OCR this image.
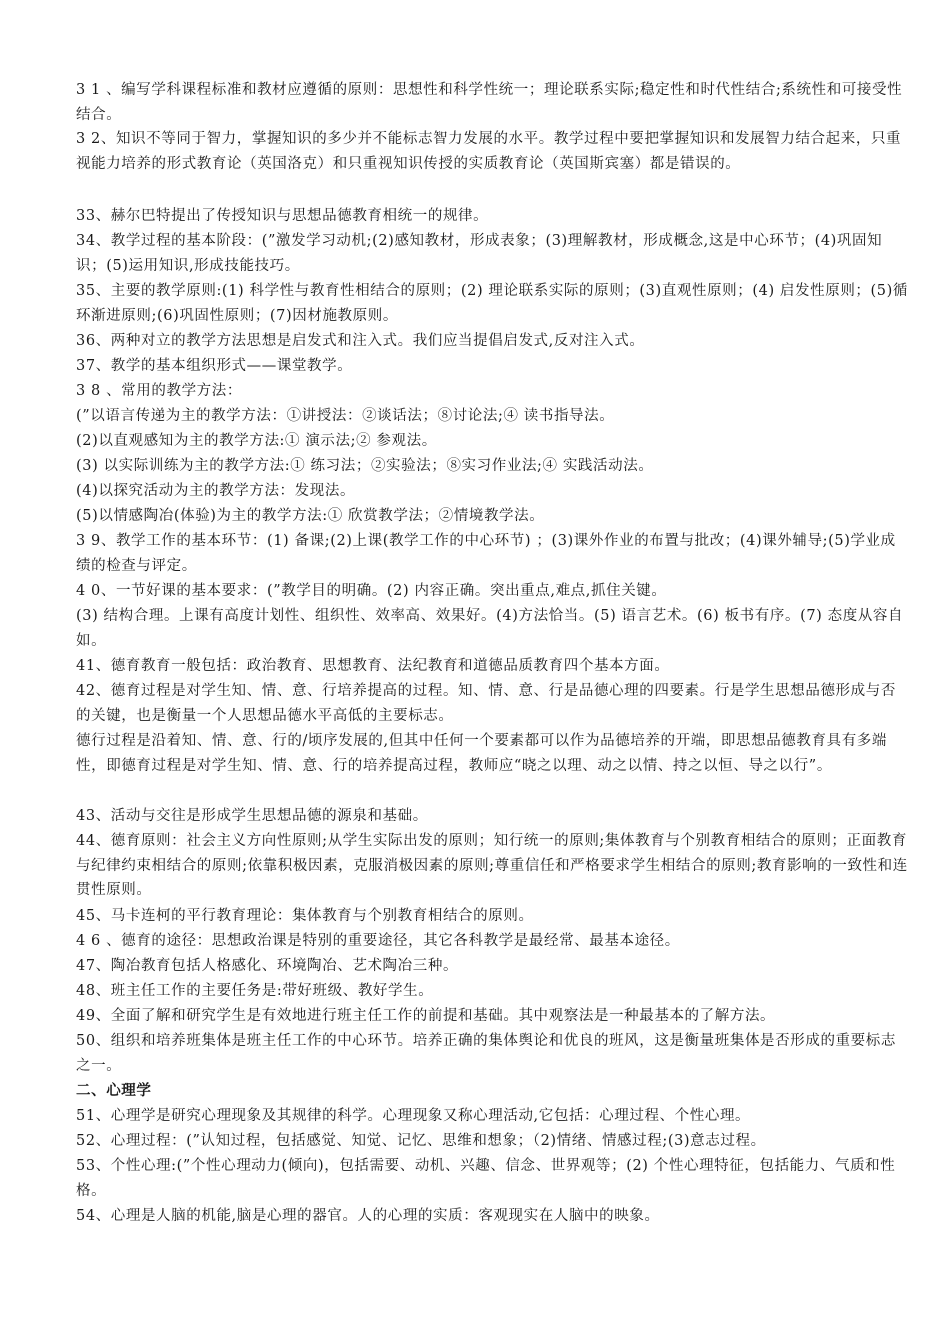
3 1 、编写学科课程标准和教材应遵循的原则：思想性和科学性统一；理论联系实际;稳定性和时代性结合;系统性和可接受性结合。
3 2、知识不等同于智力，掌握知识的多少并不能标志智力发展的水平。教学过程中要把掌握知识和发展智力结合起来，只重视能力培养的形式教育论（英国洛克）和只重视知识传授的实质教育论（英国斯宾塞）都是错误的。
33、赫尔巴特提出了传授知识与思想品德教育相统一的规律。
34、教学过程的基本阶段：(”激发学习动机;(2)感知教材，形成表象；(3)理解教材，形成概念,这是中心环节；(4)巩固知识；(5)运用知识,形成技能技巧。
35、主要的教学原则:(1) 科学性与教育性相结合的原则；(2) 理论联系实际的原则；(3)直观性原则；(4) 启发性原则；(5)循环渐进原则;(6)巩固性原则；(7)因材施教原则。
36、两种对立的教学方法思想是启发式和注入式。我们应当提倡启发式,反对注入式。
37、教学的基本组织形式——课堂教学。
3 8 、常用的教学方法：
(”以语言传递为主的教学方法：①讲授法：②谈话法；⑧讨论法;④ 读书指导法。
(2)以直观感知为主的教学方法:① 演示法;② 参观法。
(3) 以实际训练为主的教学方法:① 练习法；②实验法；⑧实习作业法;④ 实践活动法。
(4)以探究活动为主的教学方法：发现法。
(5)以情感陶冶(体验)为主的教学方法:① 欣赏教学法；②情境教学法。
3 9、教学工作的基本环节：(1) 备课;(2)上课(教学工作的中心环节) ；(3)课外作业的布置与批改；(4)课外辅导;(5)学业成绩的检查与评定。
4 0、一节好课的基本要求：(”教学目的明确。(2) 内容正确。突出重点,难点,抓住关键。
(3) 结构合理。上课有高度计划性、组织性、效率高、效果好。(4)方法恰当。(5) 语言艺术。(6) 板书有序。(7) 态度从容自如。
41、德育教育一般包括：政治教育、思想教育、法纪教育和道德品质教育四个基本方面。
42、德育过程是对学生知、情、意、行培养提高的过程。知、情、意、行是品德心理的四要素。行是学生思想品德形成与否的关键，也是衡量一个人思想品德水平高低的主要标志。
德行过程是沿着知、情、意、行的/顷序发展的,但其中任何一个要素都可以作为品德培养的开端，即思想品德教育具有多端性，即德育过程是对学生知、情、意、行的培养提高过程，教师应“晓之以理、动之以情、持之以恒、导之以行”。
43、活动与交往是形成学生思想品德的源泉和基础。
44、德育原则：社会主义方向性原则;从学生实际出发的原则；知行统一的原则;集体教育与个别教育相结合的原则；正面教育与纪律约束相结合的原则;依靠积极因素，克服消极因素的原则;尊重信任和严格要求学生相结合的原则;教育影响的一致性和连贯性原则。
45、马卡连柯的平行教育理论：集体教育与个别教育相结合的原则。
4 6 、德育的途径：思想政治课是特别的重要途径，其它各科教学是最经常、最基本途径。
47、陶冶教育包括人格感化、环境陶冶、艺术陶冶三种。
48、班主任工作的主要任务是:带好班级、教好学生。
49、全面了解和研究学生是有效地进行班主任工作的前提和基础。其中观察法是一种最基本的了解方法。
50、组织和培养班集体是班主任工作的中心环节。培养正确的集体舆论和优良的班风，这是衡量班集体是否形成的重要标志之一。
二、心理学
51、心理学是研究心理现象及其规律的科学。心理现象又称心理活动,它包括：心理过程、个性心理。
52、心理过程：(”认知过程，包括感觉、知觉、记忆、思维和想象；（2)情绪、情感过程;(3)意志过程。
53、个性心理:(”个性心理动力(倾向)，包括需要、动机、兴趣、信念、世界观等；(2) 个性心理特征，包括能力、气质和性格。
54、心理是人脑的机能,脑是心理的器官。人的心理的实质：客观现实在人脑中的映象。
